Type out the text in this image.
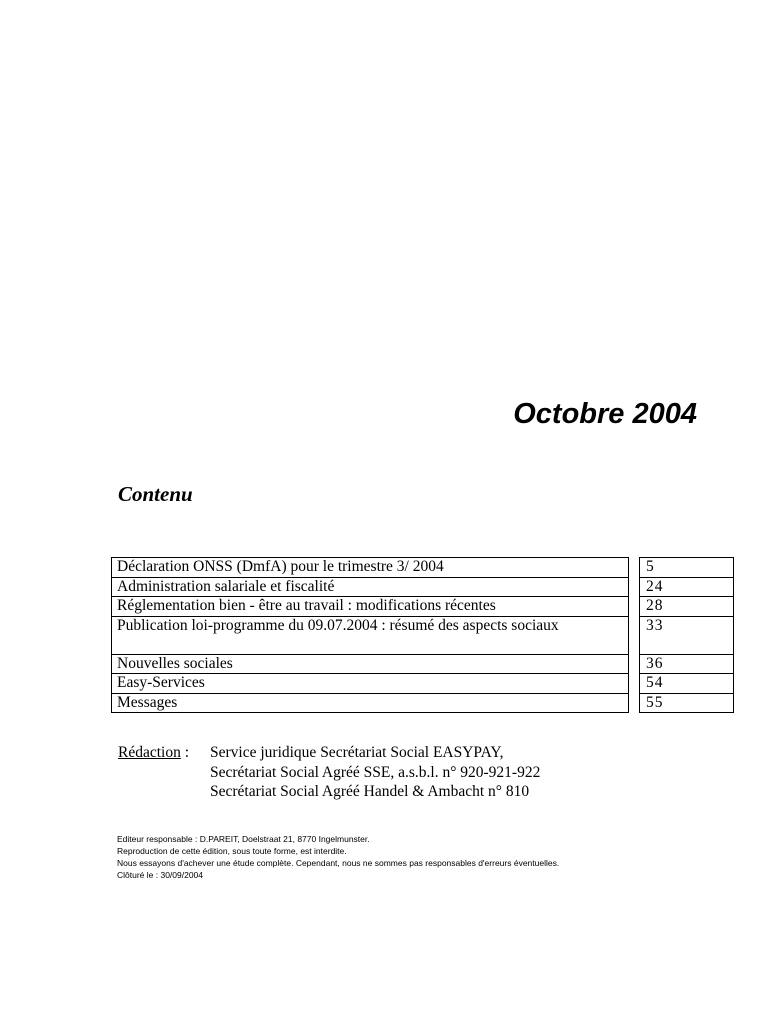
Octobre 2004
Contenu
Déclaration ONSS (DmfA) pour le trimestre 3/ 2004
Administration salariale et fiscalité
Réglementation bien - être au travail : modifications récentes
Publication loi-programme du 09.07.2004 : résumé des aspects sociaux
Nouvelles sociales
Easy-Services
Messages
5
24
28
33
36
54
55
Rédaction :	Service juridique Secrétariat Social EASYPAY,
Secrétariat Social Agréé SSE, a.s.b.l. n° 920-921-922
Secrétariat Social Agréé Handel & Ambacht n° 810
Editeur responsable : D.PAREIT, Doelstraat 21, 8770 Ingelmunster.
Reproduction de cette édition, sous toute forme, est interdite.
Nous essayons d'achever une étude complète. Cependant, nous ne sommes pas responsables d'erreurs éventuelles.
Clôturé le : 30/09/2004
